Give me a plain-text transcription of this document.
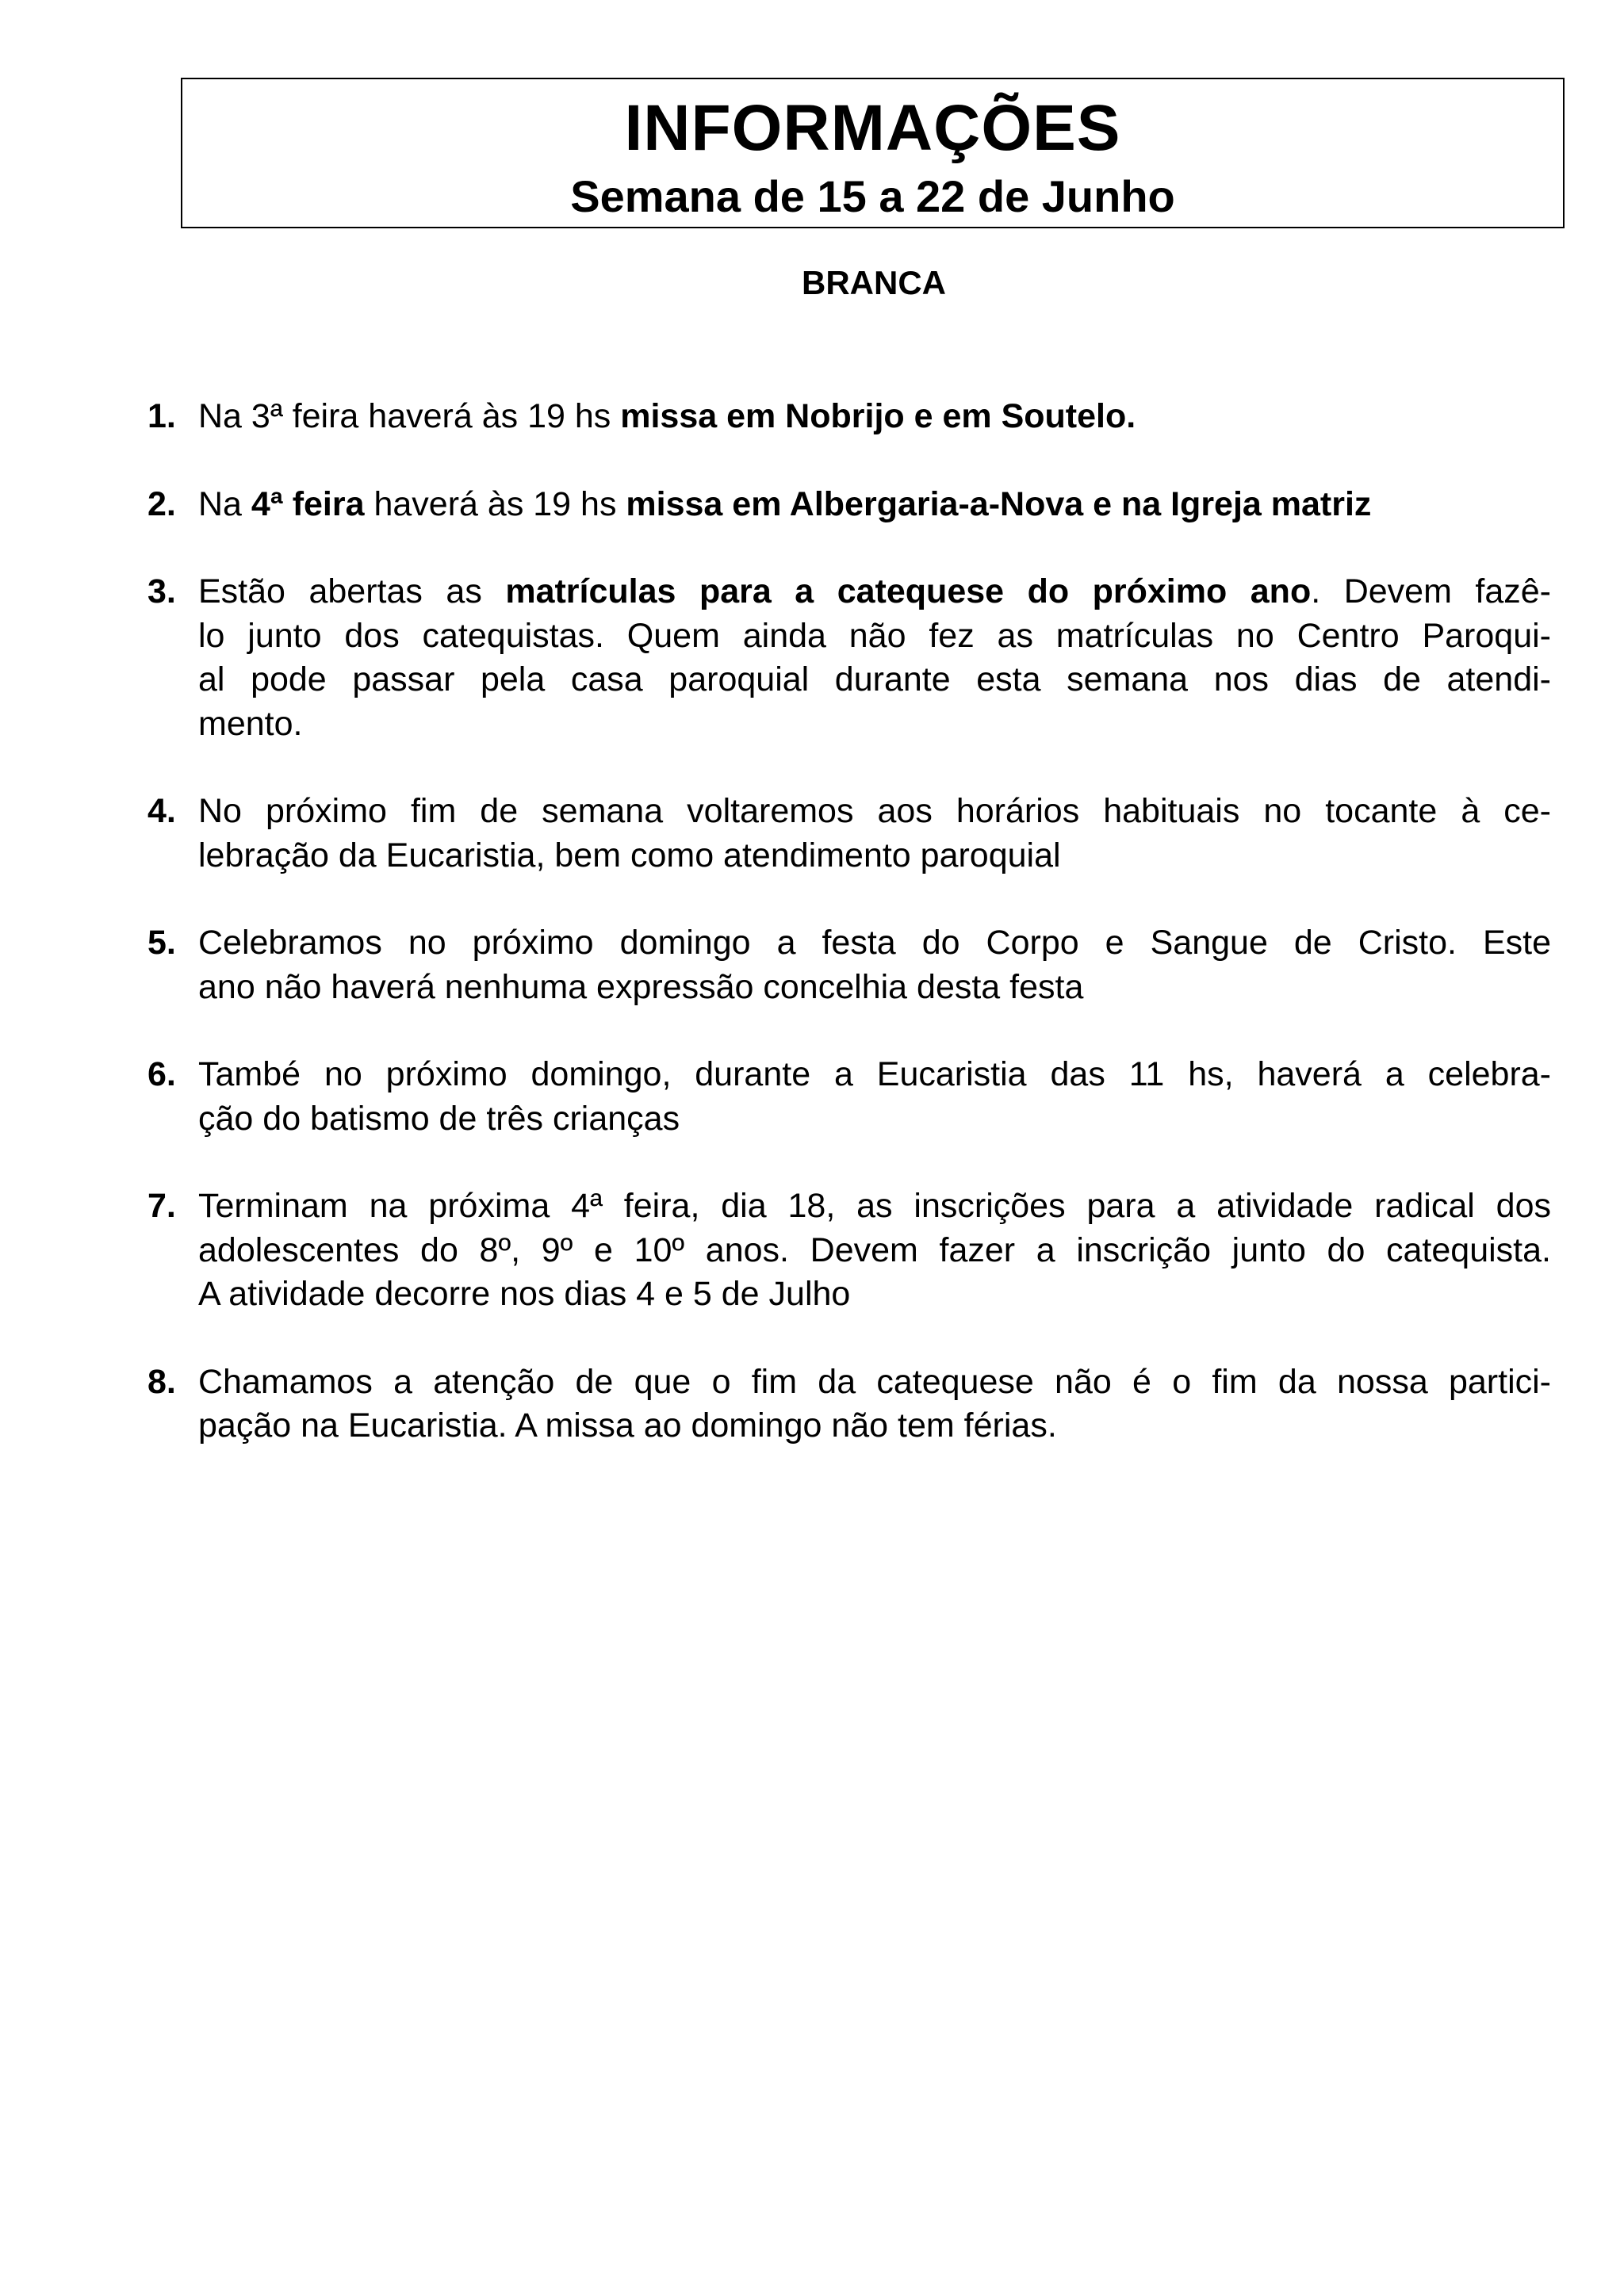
INFORMAÇÕES
Semana de 15 a 22 de Junho
BRANCA
1. Na 3ª feira haverá às 19 hs missa em Nobrijo e em Soutelo.
2. Na 4ª feira haverá às 19 hs missa em Albergaria-a-Nova e na Igreja matriz
3. Estão abertas as matrículas para a catequese do próximo ano. Devem fazê-
lo junto dos catequistas. Quem ainda não fez as matrículas no Centro Paroqui-
al pode passar pela casa paroquial durante esta semana nos dias de atendi-
mento.
4. No próximo fim de semana voltaremos aos horários habituais no tocante à ce-
lebração da Eucaristia, bem como atendimento paroquial
5. Celebramos no próximo domingo a festa do Corpo e Sangue de Cristo. Este
ano não haverá nenhuma expressão concelhia desta festa
6. També no próximo domingo, durante a Eucaristia das 11 hs, haverá a celebra-
ção do batismo de três crianças
7. Terminam na próxima 4ª feira, dia 18, as inscrições para a atividade radical dos
adolescentes do 8º, 9º e 10º anos. Devem fazer a inscrição junto do catequista.
A atividade decorre nos dias 4 e 5 de Julho
8. Chamamos a atenção de que o fim da catequese não é o fim da nossa partici-
pação na Eucaristia. A missa ao domingo não tem férias.
